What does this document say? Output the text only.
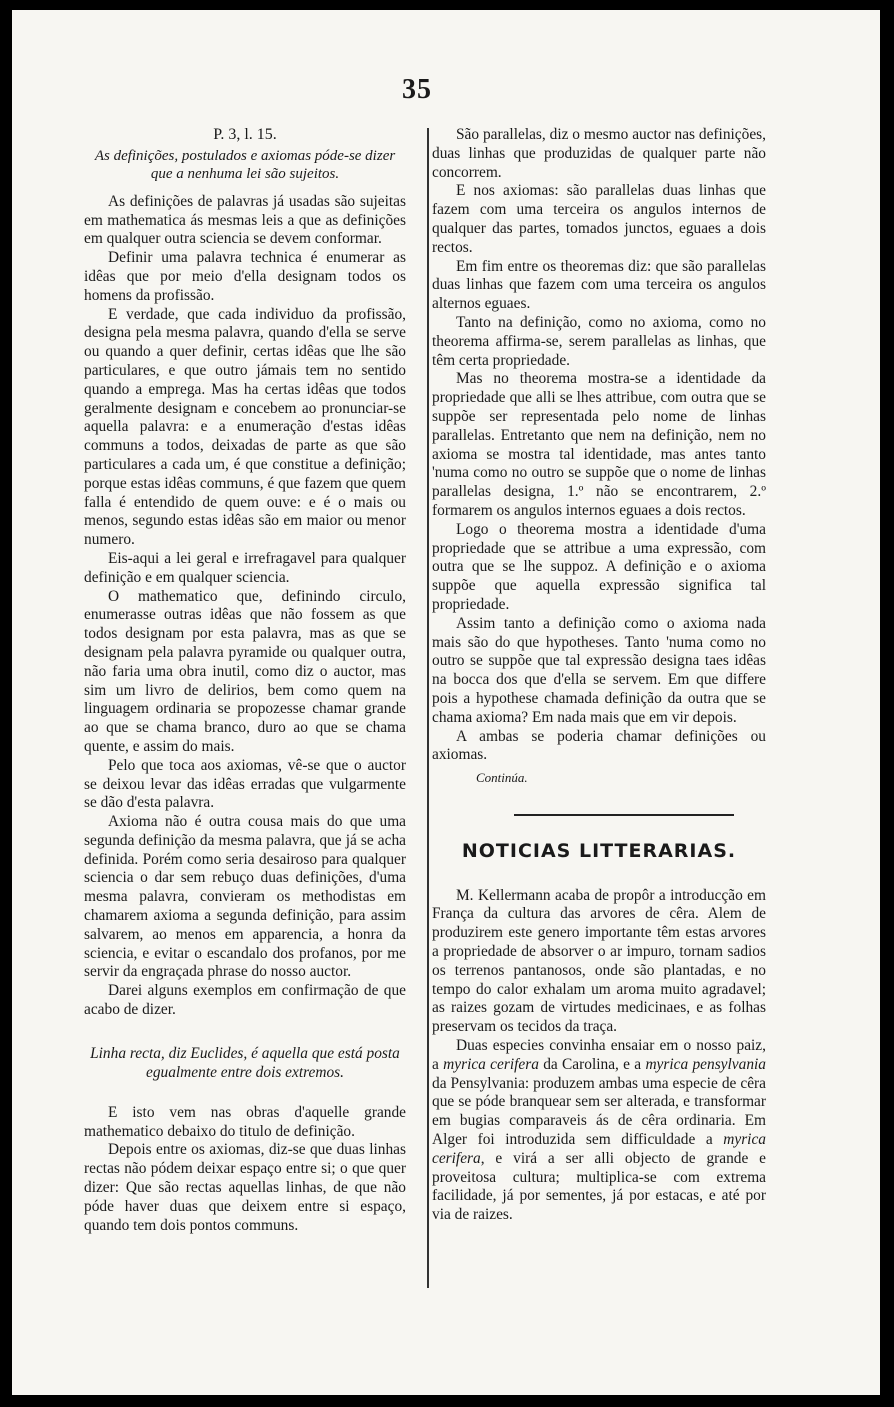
35
P. 3, l. 15.
As definições, postulados e axiomas póde-se dizer que a nenhuma lei são sujeitos.

As definições de palavras já usadas são sujeitas em mathematica ás mesmas leis a que as definições em qualquer outra sciencia se devem conformar.

Definir uma palavra technica é enumerar as idêas que por meio d'ella designam todos os homens da profissão.

E verdade, que cada individuo da profissão, designa pela mesma palavra, quando d'ella se serve ou quando a quer definir, certas idêas que lhe são particulares, e que outro jámais tem no sentido quando a emprega. Mas ha certas idêas que todos geralmente designam e concebem ao pronunciar-se aquella palavra: e a enumeração d'estas idêas communs a todos, deixadas de parte as que são particulares a cada um, é que constitue a definição; porque estas idêas communs, é que fazem que quem falla é entendido de quem ouve: e é o mais ou menos, segundo estas idêas são em maior ou menor numero.

Eis-aqui a lei geral e irrefragavel para qualquer definição e em qualquer sciencia.

O mathematico que, definindo circulo, enumerasse outras idêas que não fossem as que todos designam por esta palavra, mas as que se designam pela palavra pyramide ou qualquer outra, não faria uma obra inutil, como diz o auctor, mas sim um livro de delirios, bem como quem na linguagem ordinaria se propozesse chamar grande ao que se chama branco, duro ao que se chama quente, e assim do mais.

Pelo que toca aos axiomas, vê-se que o auctor se deixou levar das idêas erradas que vulgarmente se dão d'esta palavra.

Axioma não é outra cousa mais do que uma segunda definição da mesma palavra, que já se acha definida. Porém como seria desairoso para qualquer sciencia o dar sem rebuço duas definições, d'uma mesma palavra, convieram os methodistas em chamarem axioma a segunda definição, para assim salvarem, ao menos em apparencia, a honra da sciencia, e evitar o escandalo dos profanos, por me servir da engraçada phrase do nosso auctor.

Darei alguns exemplos em confirmação de que acabo de dizer.

Linha recta, diz Euclides, é aquella que está posta egualmente entre dois extremos.

E isto vem nas obras d'aquelle grande mathematico debaixo do titulo de definição.

Depois entre os axiomas, diz-se que duas linhas rectas não pódem deixar espaço entre si; o que quer dizer: Que são rectas aquellas linhas, de que não póde haver duas que deixem entre si espaço, quando tem dois pontos communs.

São parallelas, diz o mesmo auctor nas definições, duas linhas que produzidas de qualquer parte não concorrem.

E nos axiomas: são parallelas duas linhas que fazem com uma terceira os angulos internos de qualquer das partes, tomados junctos, eguaes a dois rectos.

Em fim entre os theoremas diz: que são parallelas duas linhas que fazem com uma terceira os angulos alternos eguaes.

Tanto na definição, como no axioma, como no theorema affirma-se, serem parallelas as linhas, que têm certa propriedade.

Mas no theorema mostra-se a identidade da propriedade que alli se lhes attribue, com outra que se suppõe ser representada pelo nome de linhas parallelas. Entretanto que nem na definição, nem no axioma se mostra tal identidade, mas antes tanto 'numa como no outro se suppõe que o nome de linhas parallelas designa, 1.º não se encontrarem, 2.º formarem os angulos internos eguaes a dois rectos.

Logo o theorema mostra a identidade d'uma propriedade que se attribue a uma expressão, com outra que se lhe suppoz. A definição e o axioma suppõe que aquella expressão significa tal propriedade.

Assim tanto a definição como o axioma nada mais são do que hypotheses. Tanto 'numa como no outro se suppõe que tal expressão designa taes idêas na bocca dos que d'ella se servem. Em que differe pois a hypothese chamada definição da outra que se chama axioma? Em nada mais que em vir depois.

A ambas se poderia chamar definições ou axiomas.

Continúa.
NOTICIAS LITTERARIAS.

M. Kellermann acaba de propôr a introducção em França da cultura das arvores de cêra. Alem de produzirem este genero importante têm estas arvores a propriedade de absorver o ar impuro, tornam sadios os terrenos pantanosos, onde são plantadas, e no tempo do calor exhalam um aroma muito agradavel; as raizes gozam de virtudes medicinaes, e as folhas preservam os tecidos da traça.

Duas especies convinha ensaiar em o nosso paiz, a myrica cerifera da Carolina, e a myrica pensylvania da Pensylvania: produzem ambas uma especie de cêra que se póde branquear sem ser alterada, e transformar em bugias comparaveis ás de cêra ordinaria. Em Alger foi introduzida sem difficuldade a myrica cerifera, e virá a ser alli objecto de grande e proveitosa cultura; multiplica-se com extrema facilidade, já por sementes, já por estacas, e até por via de raizes.
